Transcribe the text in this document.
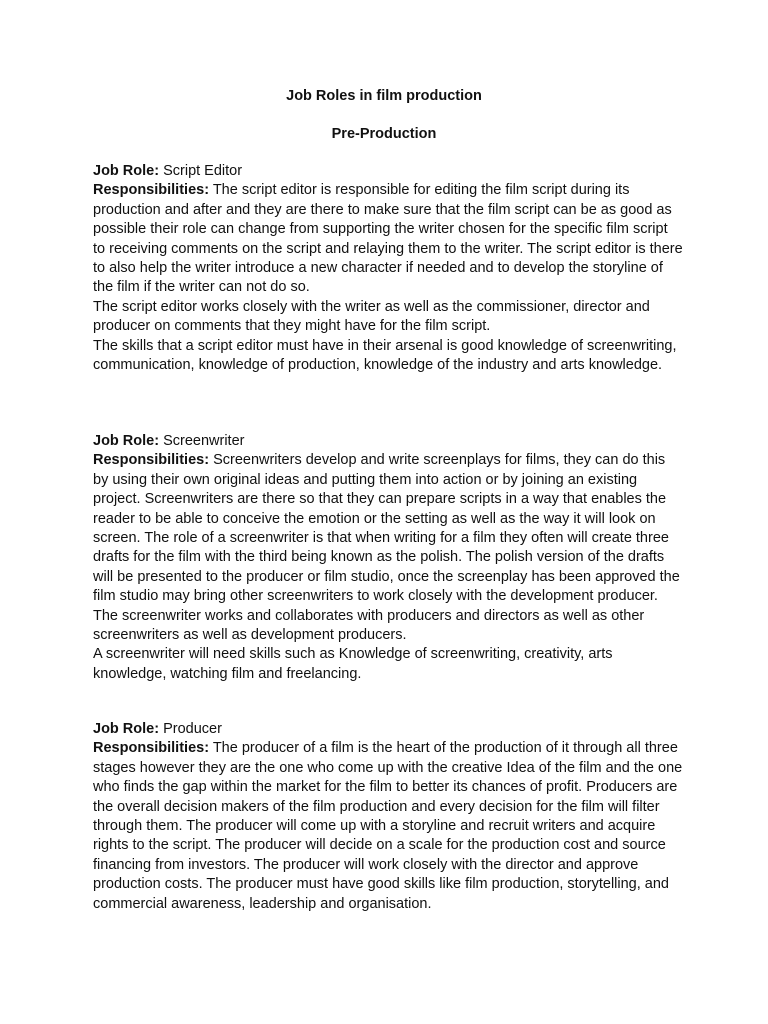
Job Roles in film production
Pre-Production

Job Role: Script Editor

Responsibilities: The script editor is responsible for editing the film script during its production and after and they are there to make sure that the film script can be as good as possible their role can change from supporting the writer chosen for the specific film script to receiving comments on the script and relaying them to the writer. The script editor is there to also help the writer introduce a new character if needed and to develop the storyline of the film if the writer can not do so.

The script editor works closely with the writer as well as the commissioner, director and producer on comments that they might have for the film script.

The skills that a script editor must have in their arsenal is good knowledge of screenwriting, communication, knowledge of production, knowledge of the industry and arts knowledge.

Job Role: Screenwriter

Responsibilities: Screenwriters develop and write screenplays for films, they can do this by using their own original ideas and putting them into action or by joining an existing project. Screenwriters are there so that they can prepare scripts in a way that enables the reader to be able to conceive the emotion or the setting as well as the way it will look on screen. The role of a screenwriter is that when writing for a film they often will create three drafts for the film with the third being known as the polish. The polish version of the drafts will be presented to the producer or film studio, once the screenplay has been approved the film studio may bring other screenwriters to work closely with the development producer.

The screenwriter works and collaborates with producers and directors as well as other screenwriters as well as development producers.

A screenwriter will need skills such as Knowledge of screenwriting, creativity, arts knowledge, watching film and freelancing.

Job Role: Producer

Responsibilities: The producer of a film is the heart of the production of it through all three stages however they are the one who come up with the creative Idea of the film and the one who finds the gap within the market for the film to better its chances of profit. Producers are the overall decision makers of the film production and every decision for the film will filter through them. The producer will come up with a storyline and recruit writers and acquire rights to the script. The producer will decide on a scale for the production cost and source financing from investors. The producer will work closely with the director and approve production costs. The producer must have good skills like film production, storytelling, and commercial awareness, leadership and organisation.
